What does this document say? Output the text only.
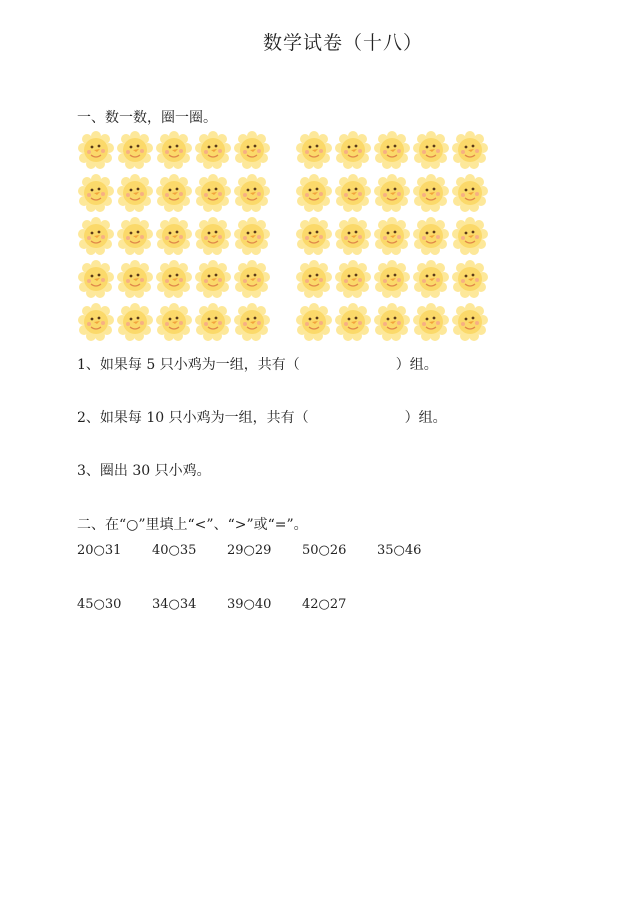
数学试卷（十八）
一、数一数，圈一圈。
1、如果每 5 只小鸡为一组，共有（	）组。
2、如果每 10 只小鸡为一组，共有（	）组。
3、圈出 30 只小鸡。
二、在“○”里填上“<”、“>”或“=”。
20○31 40○35 29○29 50○26 35○46
45○30 34○34 39○40 42○27
